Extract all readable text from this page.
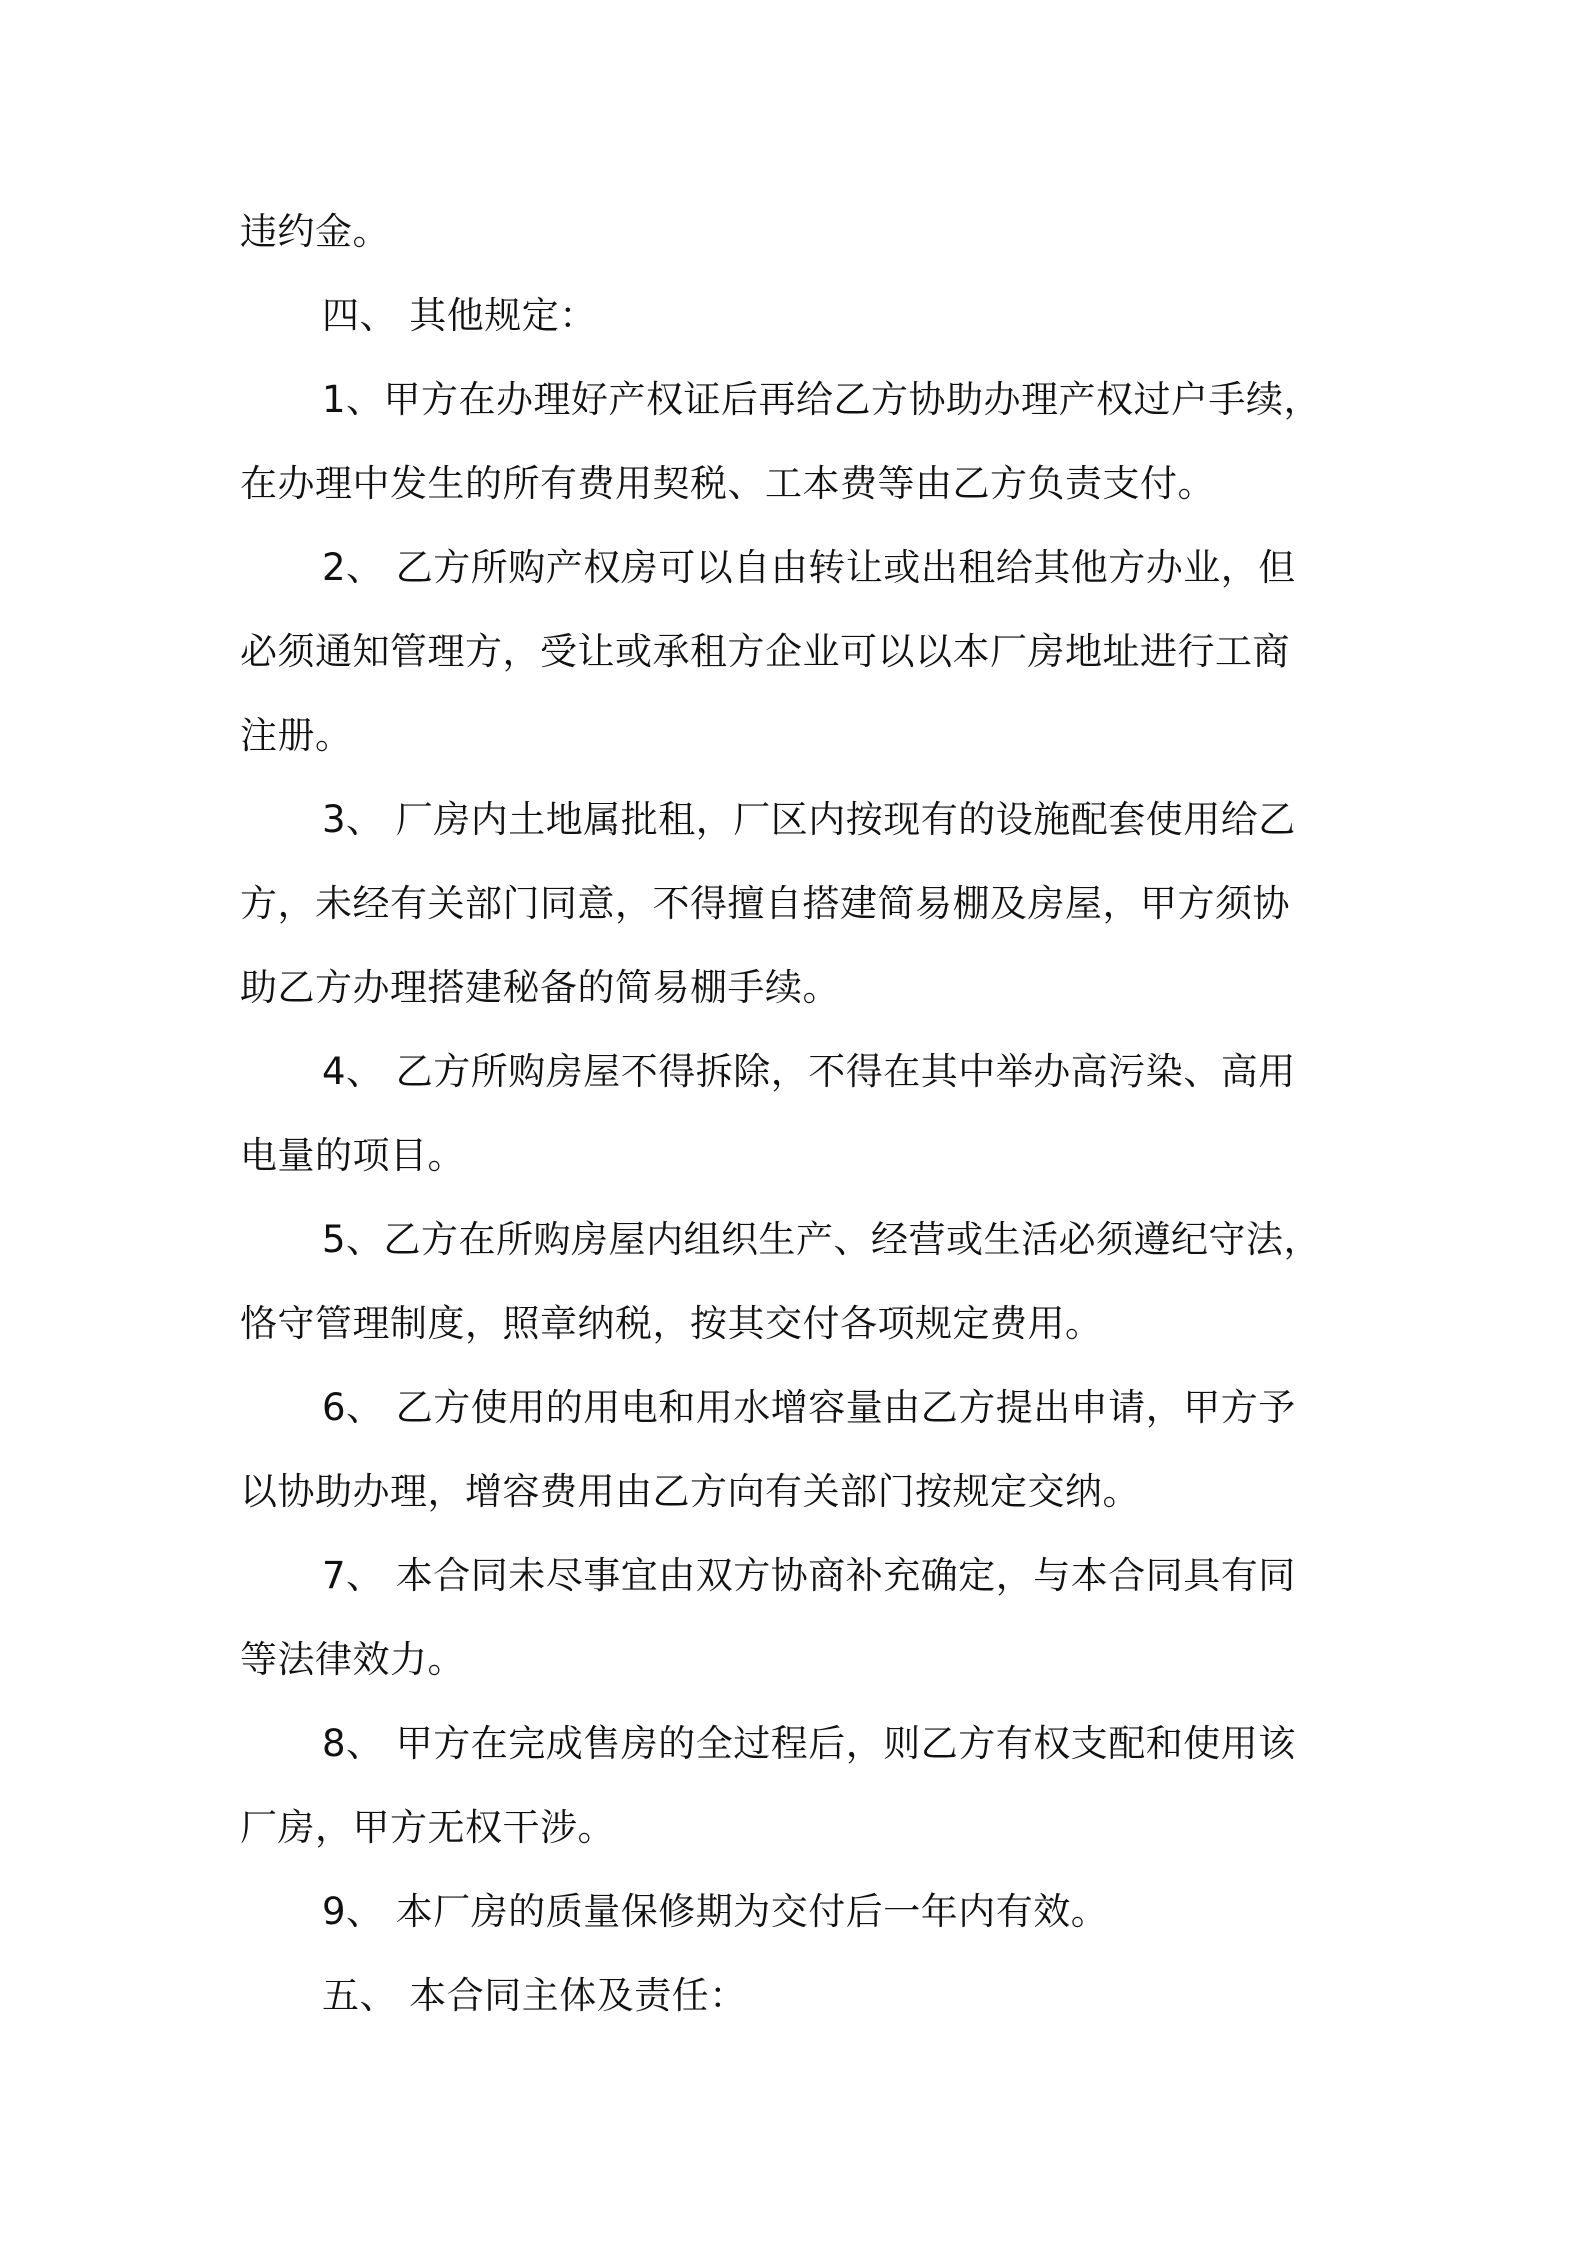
违约金。
四、 其他规定：
1、甲方在办理好产权证后再给乙方协助办理产权过户手续，
在办理中发生的所有费用契税、工本费等由乙方负责支付。
2、 乙方所购产权房可以自由转让或出租给其他方办业，但
必须通知管理方，受让或承租方企业可以以本厂房地址进行工商
注册。
3、 厂房内土地属批租，厂区内按现有的设施配套使用给乙
方，未经有关部门同意，不得擅自搭建简易棚及房屋，甲方须协
助乙方办理搭建秘备的简易棚手续。
4、 乙方所购房屋不得拆除，不得在其中举办高污染、高用
电量的项目。
5、乙方在所购房屋内组织生产、经营或生活必须遵纪守法，
恪守管理制度，照章纳税，按其交付各项规定费用。
6、 乙方使用的用电和用水增容量由乙方提出申请，甲方予
以协助办理，增容费用由乙方向有关部门按规定交纳。
7、 本合同未尽事宜由双方协商补充确定，与本合同具有同
等法律效力。
8、 甲方在完成售房的全过程后，则乙方有权支配和使用该
厂房，甲方无权干涉。
9、 本厂房的质量保修期为交付后一年内有效。
五、 本合同主体及责任：
